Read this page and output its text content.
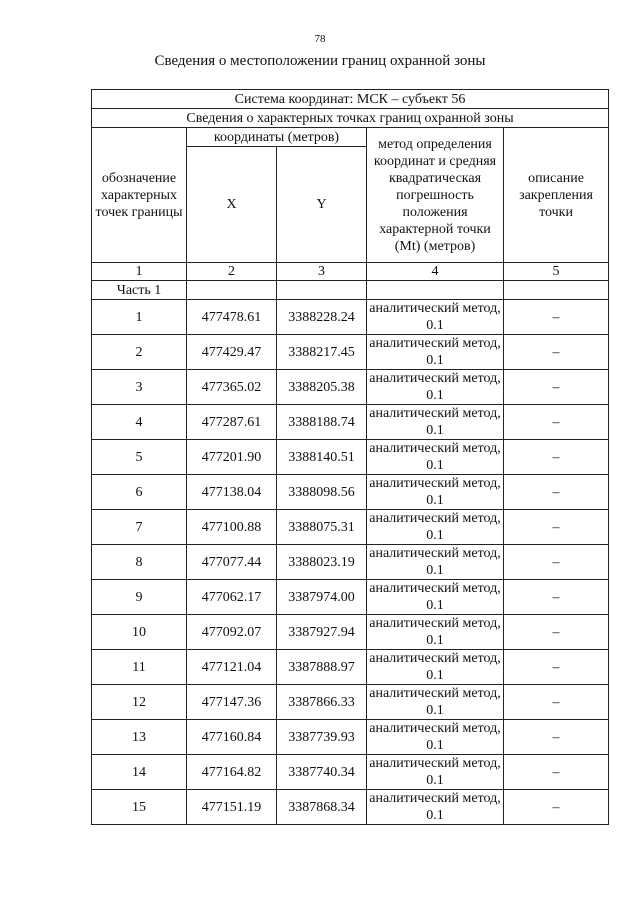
78
Сведения о местоположении границ охранной зоны
Система координат: МСК – субъект 56				
Сведения о характерных точках границ охранной зоны				
обозначение характерных точек границы	координаты (метров)		метод определения координат и средняя квадратическая погрешность положения характерной точки (Mt) (метров)	описание закрепления точки
	X	Y		
1	2	3	4	5
Часть 1				
1	477478.61	3388228.24	аналитический метод, 0.1	–
2	477429.47	3388217.45	аналитический метод, 0.1	–
3	477365.02	3388205.38	аналитический метод, 0.1	–
4	477287.61	3388188.74	аналитический метод, 0.1	–
5	477201.90	3388140.51	аналитический метод, 0.1	–
6	477138.04	3388098.56	аналитический метод, 0.1	–
7	477100.88	3388075.31	аналитический метод, 0.1	–
8	477077.44	3388023.19	аналитический метод, 0.1	–
9	477062.17	3387974.00	аналитический метод, 0.1	–
10	477092.07	3387927.94	аналитический метод, 0.1	–
11	477121.04	3387888.97	аналитический метод, 0.1	–
12	477147.36	3387866.33	аналитический метод, 0.1	–
13	477160.84	3387739.93	аналитический метод, 0.1	–
14	477164.82	3387740.34	аналитический метод, 0.1	–
15	477151.19	3387868.34	аналитический метод, 0.1	–
